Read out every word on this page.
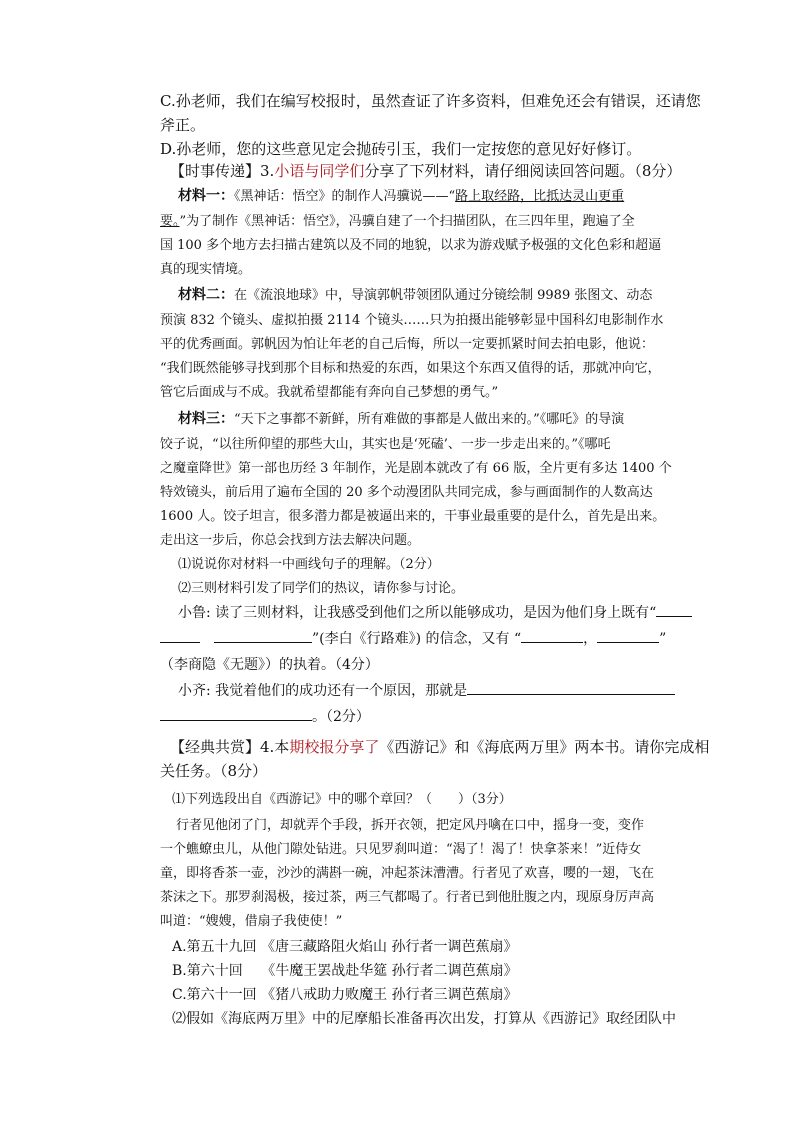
C.孙老师，我们在编写校报时，虽然查证了许多资料，但难免还会有错误，还请您
斧正。
D.孙老师，您的这些意见定会抛砖引玉，我们一定按您的意见好好修订。
【时事传递】3.小语与同学们分享了下列材料，请仔细阅读回答问题。（8分）
材料一：《黑神话：悟空》的制作人冯骥说——“路上取经路，比抵达灵山更重
要。”为了制作《黑神话：悟空》，冯骥自建了一个扫描团队，在三四年里，跑遍了全
国 100 多个地方去扫描古建筑以及不同的地貌，以求为游戏赋予极强的文化色彩和超逼
真的现实情境。
材料二：在《流浪地球》中，导演郭帆带领团队通过分镜绘制 9989 张图文、动态
预演 832 个镜头、虚拟拍摄 2114 个镜头……只为拍摄出能够彰显中国科幻电影制作水
平的优秀画面。郭帆因为怕让年老的自己后悔，所以一定要抓紧时间去拍电影，他说：
“我们既然能够寻找到那个目标和热爱的东西，如果这个东西又值得的话，那就冲向它，
管它后面成与不成。我就希望都能有奔向自己梦想的勇气。”
材料三：“天下之事都不新鲜，所有难做的事都是人做出来的。”《哪吒》的导演
饺子说，“以往所仰望的那些大山，其实也是‘死磕’、一步一步走出来的。”《哪吒
之魔童降世》第一部也历经 3 年制作，光是剧本就改了有 66 版，全片更有多达 1400 个
特效镜头，前后用了遍布全国的 20 多个动漫团队共同完成，参与画面制作的人数高达
1600 人。饺子坦言，很多潜力都是被逼出来的，干事业最重要的是什么，首先是出来。
走出这一步后，你总会找到方法去解决问题。
⑴说说你对材料一中画线句子的理解。（2分）
⑵三则材料引发了同学们的热议，请你参与讨论。
小鲁: 读了三则材料，让我感受到他们之所以能够成功，是因为他们身上既有“
”(李白《行路难》) 的信念，又有 “	，	”
（李商隐《无题》）的执着。（4分）
小齐: 我觉着他们的成功还有一个原因，那就是
。（2分）
【经典共赏】4.本期校报分享了《西游记》和《海底两万里》两本书。请你完成相
关任务。（8分）
⑴下列选段出自《西游记》中的哪个章回？（　　）（3分）
行者见他闭了门，却就弄个手段，拆开衣领，把定风丹噙在口中，摇身一变，变作
一个蟭蟟虫儿，从他门隙处钻进。只见罗刹叫道：“渴了！渴了！快拿茶来！”近侍女
童，即将香茶一壶，沙沙的满斟一碗，冲起茶沫漕漕。行者见了欢喜，嘤的一翅，飞在
茶沫之下。那罗刹渴极，接过茶，两三气都喝了。行者已到他肚腹之内，现原身厉声高
叫道：“嫂嫂，借扇子我使使！”
A.第五十九回 《唐三藏路阻火焰山 孙行者一调芭蕉扇》
B.第六十回　 《牛魔王罢战赴华筵 孙行者二调芭蕉扇》
C.第六十一回 《猪八戒助力败魔王 孙行者三调芭蕉扇》
⑵假如《海底两万里》中的尼摩船长准备再次出发，打算从《西游记》取经团队中
